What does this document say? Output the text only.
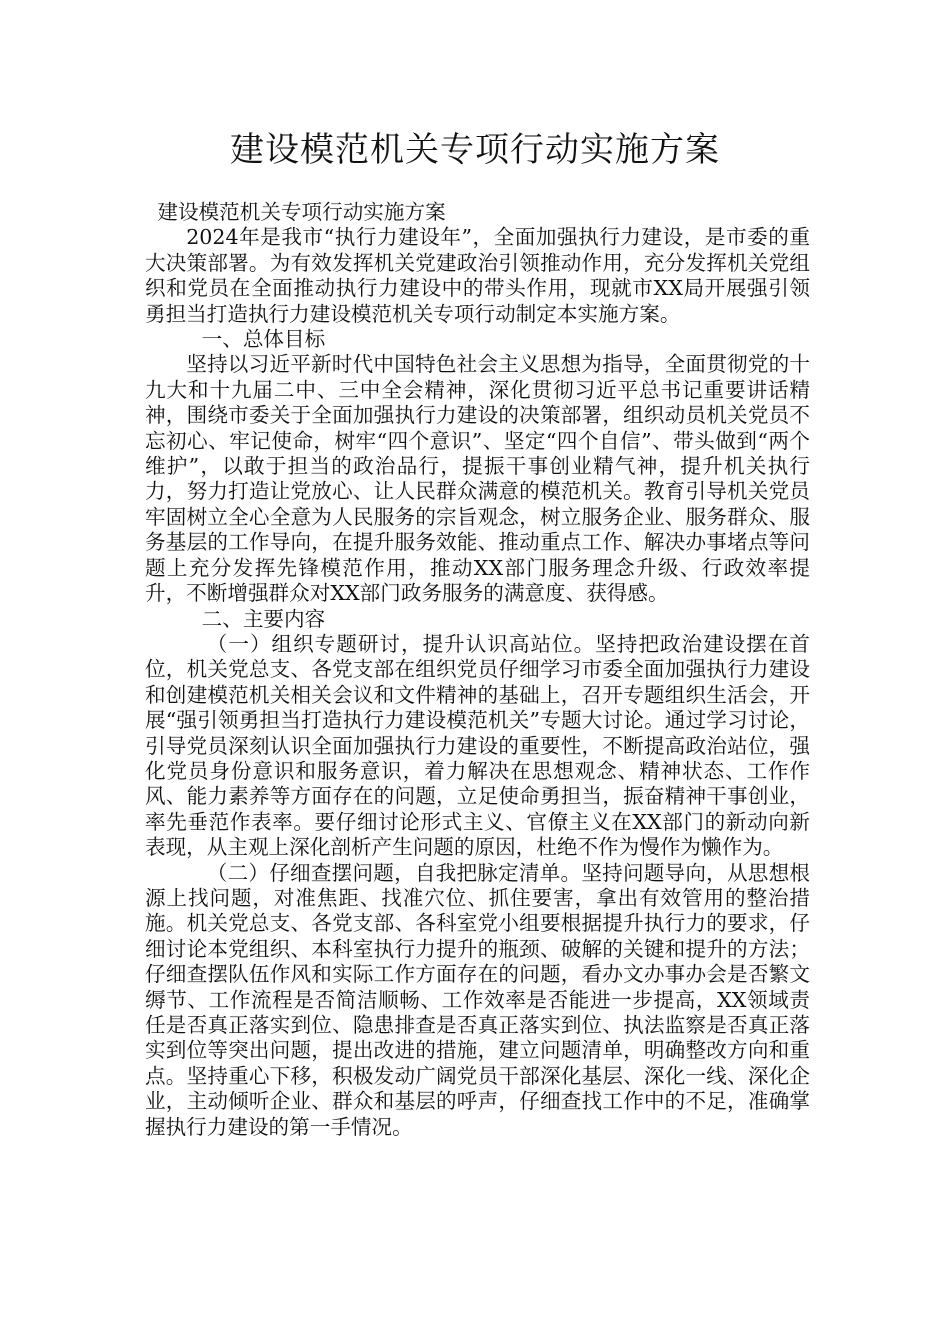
建设模范机关专项行动实施方案

建设模范机关专项行动实施方案

2024年是我市“执行力建设年”，全面加强执行力建设，是市委的重大决策部署。为有效发挥机关党建政治引领推动作用，充分发挥机关党组织和党员在全面推动执行力建设中的带头作用，现就市XX局开展强引领勇担当打造执行力建设模范机关专项行动制定本实施方案。

一、总体目标

坚持以习近平新时代中国特色社会主义思想为指导，全面贯彻党的十九大和十九届二中、三中全会精神，深化贯彻习近平总书记重要讲话精神，围绕市委关于全面加强执行力建设的决策部署，组织动员机关党员不忘初心、牢记使命，树牢“四个意识”、坚定“四个自信”、带头做到“两个维护”，以敢于担当的政治品行，提振干事创业精气神，提升机关执行力，努力打造让党放心、让人民群众满意的模范机关。教育引导机关党员牢固树立全心全意为人民服务的宗旨观念，树立服务企业、服务群众、服务基层的工作导向，在提升服务效能、推动重点工作、解决办事堵点等问题上充分发挥先锋模范作用，推动XX部门服务理念升级、行政效率提升，不断增强群众对XX部门政务服务的满意度、获得感。

二、主要内容

（一）组织专题研讨，提升认识高站位。坚持把政治建设摆在首位，机关党总支、各党支部在组织党员仔细学习市委全面加强执行力建设和创建模范机关相关会议和文件精神的基础上，召开专题组织生活会，开展“强引领勇担当打造执行力建设模范机关”专题大讨论。通过学习讨论，引导党员深刻认识全面加强执行力建设的重要性，不断提高政治站位，强化党员身份意识和服务意识，着力解决在思想观念、精神状态、工作作风、能力素养等方面存在的问题，立足使命勇担当，振奋精神干事创业，率先垂范作表率。要仔细讨论形式主义、官僚主义在XX部门的新动向新表现，从主观上深化剖析产生问题的原因，杜绝不作为慢作为懒作为。

（二）仔细查摆问题，自我把脉定清单。坚持问题导向，从思想根源上找问题，对准焦距、找准穴位、抓住要害，拿出有效管用的整治措施。机关党总支、各党支部、各科室党小组要根据提升执行力的要求，仔细讨论本党组织、本科室执行力提升的瓶颈、破解的关键和提升的方法；仔细查摆队伍作风和实际工作方面存在的问题，看办文办事办会是否繁文缛节、工作流程是否简洁顺畅、工作效率是否能进一步提高，XX领域责任是否真正落实到位、隐患排查是否真正落实到位、执法监察是否真正落实到位等突出问题，提出改进的措施，建立问题清单，明确整改方向和重点。坚持重心下移，积极发动广阔党员干部深化基层、深化一线、深化企业，主动倾听企业、群众和基层的呼声，仔细查找工作中的不足，准确掌握执行力建设的第一手情况。
